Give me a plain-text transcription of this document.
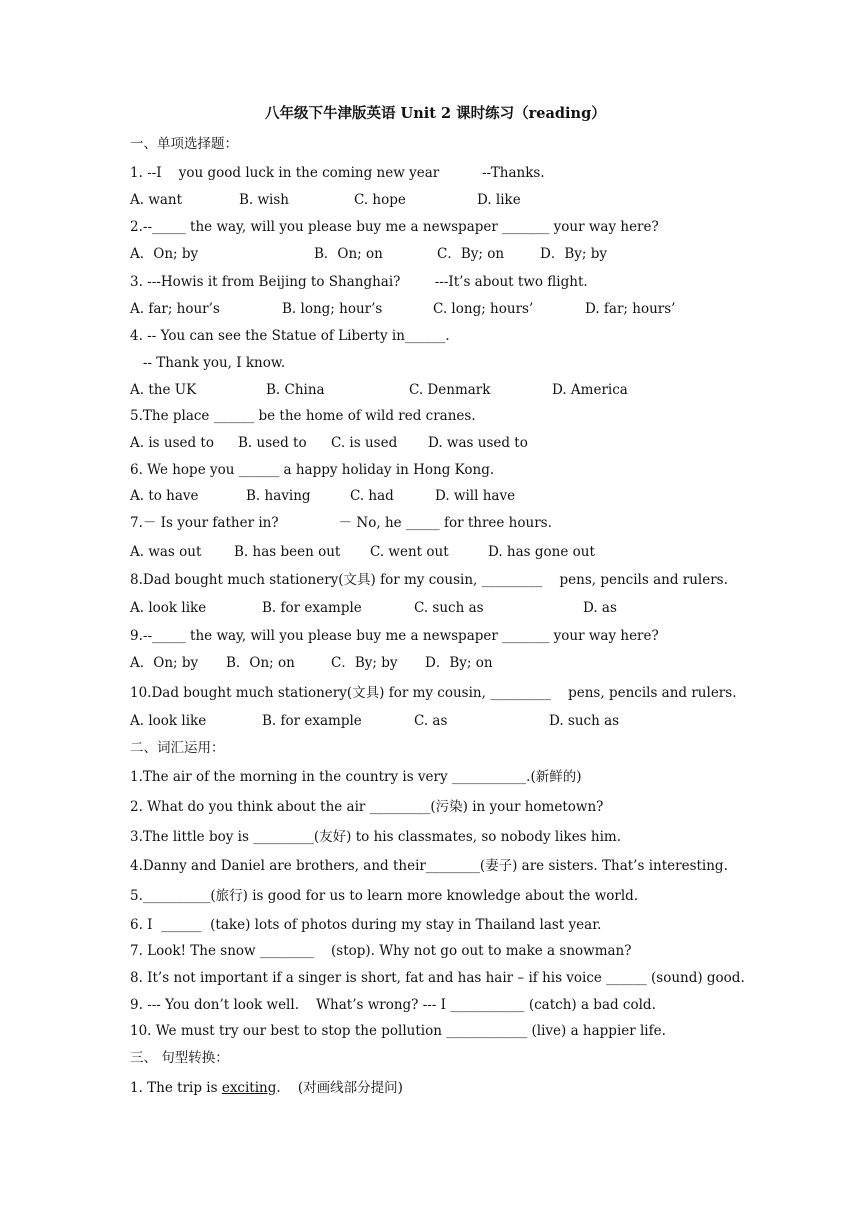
八年级下牛津版英语 Unit 2 课时练习（reading）
一、单项选择题：
1. --I    you good luck in the coming new year          --Thanks.
A. want	B. wish	C. hope	D. like
2.--_____ the way, will you please buy me a newspaper _______ your way here?
A．On; by	B．On; on	C．By; on	D．By; by
3. ---Howis it from Beijing to Shanghai?        ---It’s about two flight.
A. far; hour’s	B. long; hour’s	C. long; hours’	D. far; hours’
4. -- You can see the Statue of Liberty in______.
-- Thank you, I know.
A. the UK	B. China	C. Denmark	D. America
5.The place ______ be the home of wild red cranes.
A. is used to B. used to C. is used D. was used to
6. We hope you ______ a happy holiday in Hong Kong.
A. to have	B. having	C. had	D. will have
7.－ Is your father in?              － No, he _____ for three hours.
A. was out B. has been out C. went out	D. has gone out
8.Dad bought much stationery(文具) for my cousin, _________    pens, pencils and rulers.
A. look like	B. for example	C. such as	D. as
9.--_____ the way, will you please buy me a newspaper _______ your way here?
A．On; by B．On; on	C．By; by D．By; on
10.Dad bought much stationery(文具) for my cousin, _________    pens, pencils and rulers.
A. look like	B. for example	C. as	D. such as
二、词汇运用：
1.The air of the morning in the country is very ___________.(新鲜的)
2. What do you think about the air _________(污染) in your hometown?
3.The little boy is _________(友好) to his classmates, so nobody likes him.
4.Danny and Daniel are brothers, and their________(妻子) are sisters. That’s interesting.
5.__________(旅行) is good for us to learn more knowledge about the world.
6. I  ______  (take) lots of photos during my stay in Thailand last year.
7. Look! The snow ________    (stop). Why not go out to make a snowman?
8. It’s not important if a singer is short, fat and has hair – if his voice ______ (sound) good.
9. --- You don’t look well.    What’s wrong? --- I ___________ (catch) a bad cold.
10. We must try our best to stop the pollution ____________ (live) a happier life.
三、 句型转换：
1. The trip is exciting.    (对画线部分提问)
